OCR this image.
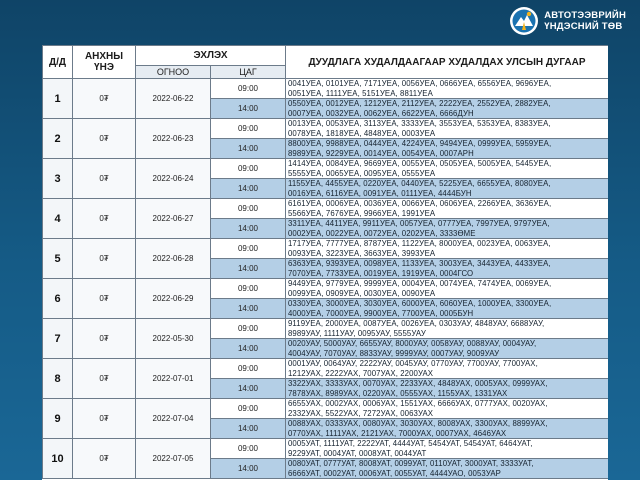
АВТОТЭЭВРИЙН
ҮНДЭСНИЙ ТӨВ
Д/Д	АНХНЫ
ҮНЭ	ЭХЛЭХ		ДУУДЛАГА ХУДАЛДААГААР ХУДАЛДАХ УЛСЫН ДУГААР
		ОГНОО	ЦАГ	
1	0₮	2022-06-22	09:00	0041УЕА, 0101УЕА, 7171УЕА, 0056УЕА, 0666УЕА, 6556УЕА, 9696УЕА,
0051УЕА, 1111УЕА, 5151УЕА, 8811УЕА

			14:00	0550УЕА, 0012УЕА, 1212УЕА, 2112УЕА, 2222УЕА, 2552УЕА, 2882УЕА,
0007УЕА, 0032УЕА, 0062УЕА, 6622УЕА, 6666ДУН

2	0₮	2022-06-23	09:00	0013УЕА, 0053УЕА, 3113УЕА, 3333УЕА, 3553УЕА, 5353УЕА, 8383УЕА,
0078УЕА, 1818УЕА, 4848УЕА, 0003УЕА

			14:00	8800УЕА, 9988УЕА, 0444УЕА, 4224УЕА, 9494УЕА, 0999УЕА, 5959УЕА,
8989УЕА, 9229УЕА, 0014УЕА, 0054УЕА, 0007АРН

3	0₮	2022-06-24	09:00	1414УЕА, 0084УЕА, 9669УЕА, 0055УЕА, 0505УЕА, 5005УЕА, 5445УЕА,
5555УЕА, 0065УЕА, 0095УЕА, 0555УЕА

			14:00	1155УЕА, 4455УЕА, 0220УЕА, 0440УЕА, 5225УЕА, 6655УЕА, 8080УЕА,
0016УЕА, 6116УЕА, 0091УЕА, 0111УЕА, 4444БУН

4	0₮	2022-06-27	09:00	6161УЕА, 0006УЕА, 0036УЕА, 0066УЕА, 0606УЕА, 2266УЕА, 3636УЕА,
5566УЕА, 7676УЕА, 9966УЕА, 1991УЕА

			14:00	3311УЕА, 4411УЕА, 9911УЕА, 0057УЕА, 0777УЕА, 7997УЕА, 9797УЕА,
0002УЕА, 0022УЕА, 0072УЕА, 0202УЕА, 3333ӨМЕ

5	0₮	2022-06-28	09:00	1717УЕА, 7777УЕА, 8787УЕА, 1122УЕА, 8000УЕА, 0023УЕА, 0063УЕА,
0093УЕА, 3223УЕА, 3663УЕА, 3993УЕА

			14:00	6363УЕА, 9393УЕА, 0098УЕА, 1133УЕА, 3003УЕА, 3443УЕА, 4433УЕА,
7070УЕА, 7733УЕА, 0019УЕА, 1919УЕА, 0004ГСО

6	0₮	2022-06-29	09:00	9449УЕА, 9779УЕА, 9999УЕА, 0004УЕА, 0074УЕА, 7474УЕА, 0069УЕА,
0099УЕА, 0909УЕА, 0030УЕА, 0090УЕА

			14:00	0330УЕА, 3000УЕА, 3030УЕА, 6000УЕА, 6060УЕА, 1000УЕА, 3300УЕА,
4000УЕА, 7000УЕА, 9900УЕА, 7700УЕА, 0005БУН

7	0₮	2022-05-30	09:00	9119УЕА, 2000УЕА, 0087УЕА, 0026УЕА, 0303УАУ, 4848УАУ, 6688УАУ,
8989УАУ, 1111УАУ, 0095УАУ, 5555УАУ

			14:00	0020УАУ, 5000УАУ, 6655УАУ, 8000УАУ, 0058УАУ, 0088УАУ, 0004УАУ,
4004УАУ, 7070УАУ, 8833УАУ, 9999УАУ, 0007УАУ, 9009УАУ

8	0₮	2022-07-01	09:00	0001УАУ, 0064УАУ, 2222УАУ, 0045УАУ, 0770УАУ, 7700УАУ, 7700УАХ,
1212УАХ, 2222УАХ, 7007УАХ, 2200УАХ

			14:00	3322УАХ, 3333УАХ, 0070УАХ, 2233УАХ, 4848УАХ, 0005УАХ, 0999УАХ,
7878УАХ, 8989УАХ, 0220УАХ, 0555УАХ, 1155УАХ, 1331УАХ

9	0₮	2022-07-04	09:00	6655УАХ, 0002УАХ, 0006УАХ, 1551УАХ, 6666УАХ, 0777УАХ, 0020УАХ,
2332УАХ, 5522УАХ, 7272УАХ, 0063УАХ

			14:00	0088УАХ, 0333УАХ, 0080УАХ, 3030УАХ, 8008УАХ, 3300УАХ, 8899УАХ,
0770УАХ, 1111УАХ, 2121УАХ, 7000УАХ, 0007УАХ, 4646УАХ

10	0₮	2022-07-05	09:00	0005УАТ, 1111УАТ, 2222УАТ, 4444УАТ, 5454УАТ, 5454УАТ, 6464УАТ,
9229УАТ, 0004УАТ, 0008УАТ, 0044УАТ

			14:00	0080УАТ, 0777УАТ, 8008УАТ, 0099УАТ, 0110УАТ, 3000УАТ, 3333УАТ,
6666УАТ, 0002УАТ, 0006УАТ, 0055УАТ, 4444УАО, 0053УАР
